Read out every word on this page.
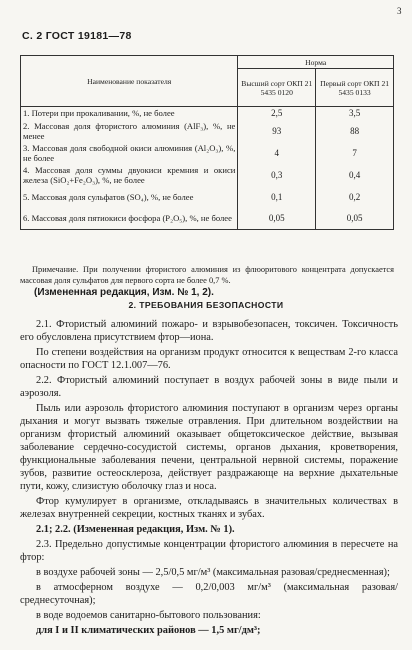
3
С. 2 ГОСТ 19181—78
Наименование показателя	Норма	
	Высший сорт ОКП 21 5435 0120	Первый сорт ОКП 21 5435 0133
1. Потери при прокаливании, %, не более	2,5	3,5
2. Массовая доля фтористого алюминия (AlF₃), %, не менее	93	88
3. Массовая доля свободной окиси алюминия (Al₂O₃), %, не более	4	7
4. Массовая доля суммы двуокиси кремния и окиси железа (SiO₂+Fe₂O₃), %, не более	0,3	0,4
5. Массовая доля сульфатов (SO₄), %, не более	0,1	0,2
6. Массовая доля пятиокиси фосфора (P₂O₅), %, не более	0,05	0,05
Примечание. При получении фтористого алюминия из флюоритового концентрата допускается массовая доля сульфатов для первого сорта не более 0,7 %.
(Измененная редакция, Изм. № 1, 2).
2. ТРЕБОВАНИЯ БЕЗОПАСНОСТИ

2.1. Фтористый алюминий пожаро- и взрывобезопасен, токсичен. Токсичность его обусловлена присутствием фтор—иона.

По степени воздействия на организм продукт относится к веществам 2-го класса опасности по ГОСТ 12.1.007—76.

2.2. Фтористый алюминий поступает в воздух рабочей зоны в виде пыли и аэрозоля.

Пыль или аэрозоль фтористого алюминия поступают в организм через органы дыхания и могут вызвать тяжелые отравления. При длительном воздействии на организм фтористый алюминий оказывает общетоксическое действие, вызывая заболевание сердечно-сосудистой системы, органов дыхания, кроветворения, функциональные заболевания печени, центральной нервной системы, поражение зубов, развитие остеосклероза, действует раздражающе на верхние дыхательные пути, кожу, слизистую оболочку глаз и носа.

Фтор кумулирует в организме, откладываясь в значительных количествах в железах внутренней секреции, костных тканях и зубах.

2.1; 2.2. (Измененная редакция, Изм. № 1).

2.3. Предельно допустимые концентрации фтористого алюминия в пересчете на фтор:

в воздухе рабочей зоны — 2,5/0,5 мг/м³ (максимальная разовая/среднесменная);

в атмосферном воздухе — 0,2/0,003 мг/м³ (максимальная разовая/среднесуточная);

в воде водоемов санитарно-бытового пользования:

для I и II климатических районов — 1,5 мг/дм³;
